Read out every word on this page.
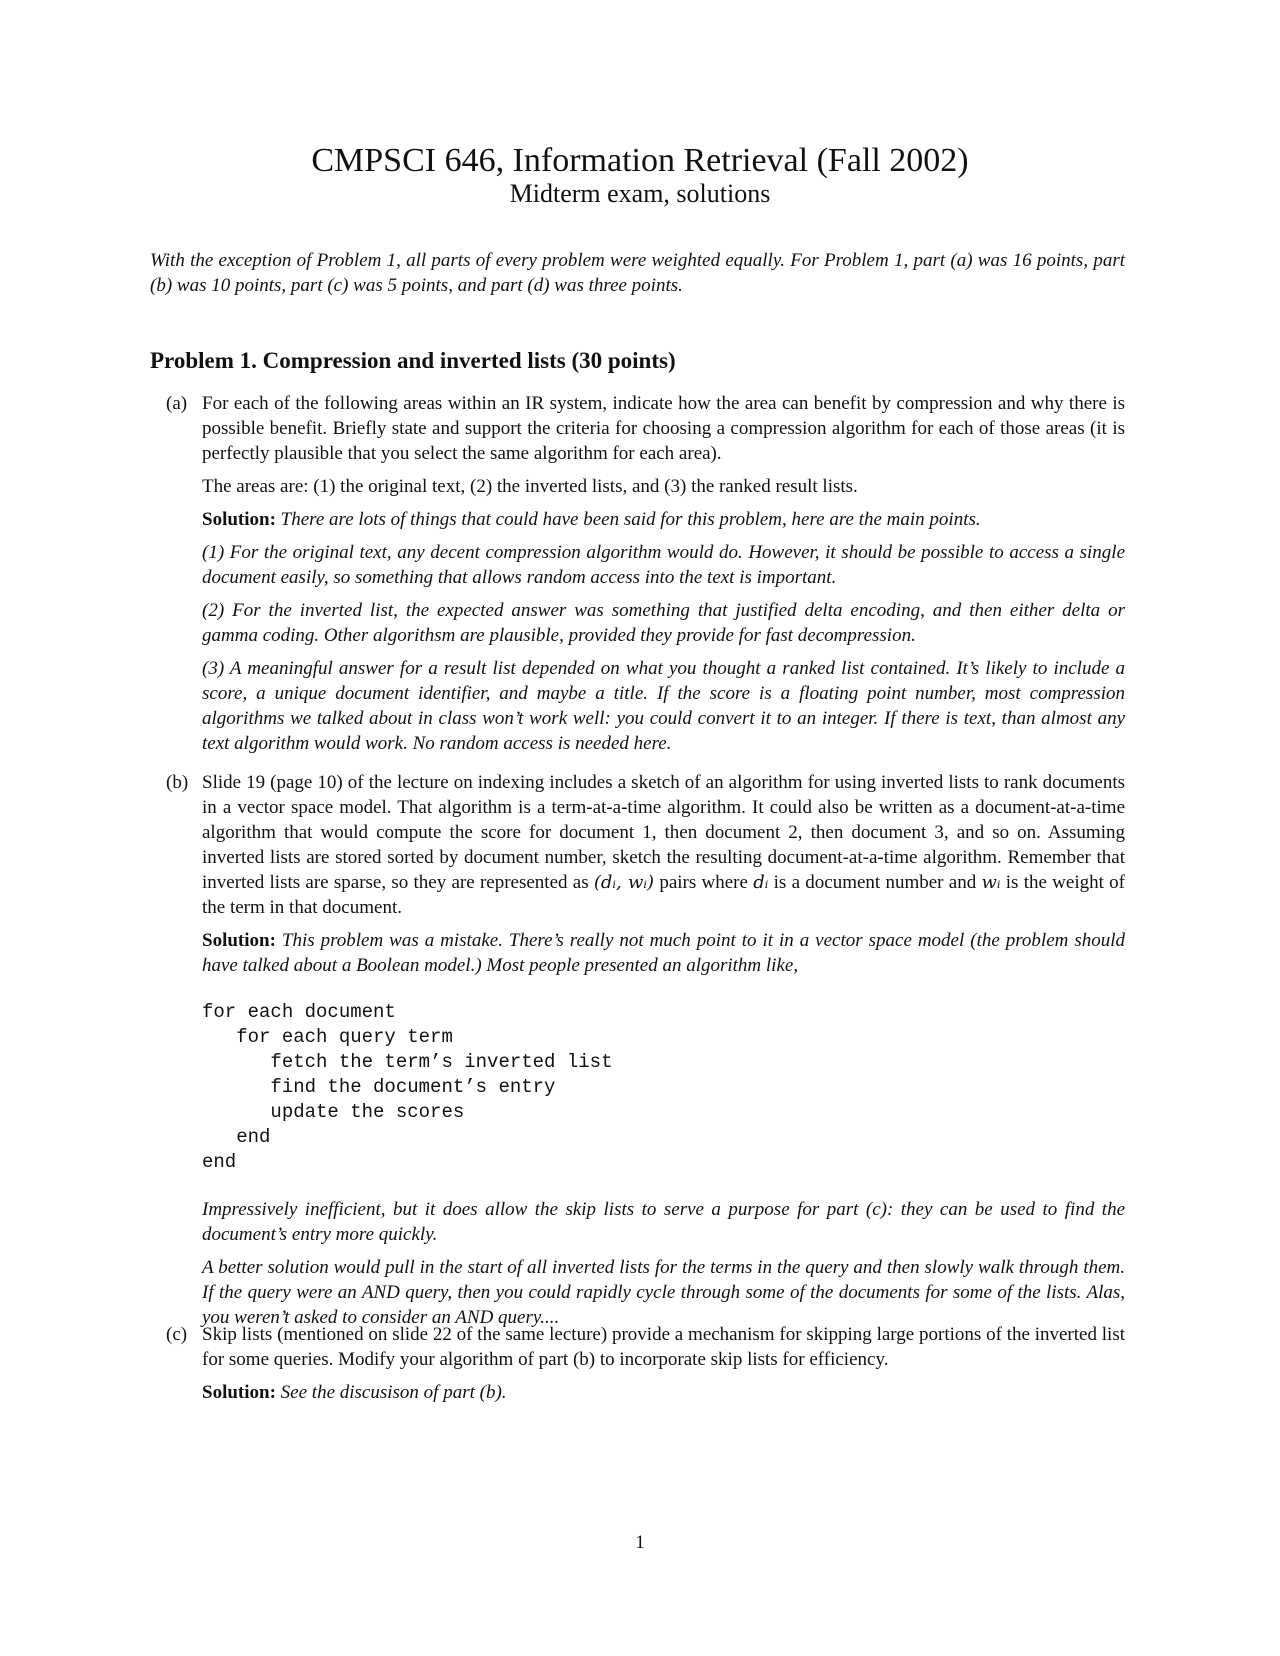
CMPSCI 646, Information Retrieval (Fall 2002)
Midterm exam, solutions
With the exception of Problem 1, all parts of every problem were weighted equally. For Problem 1, part (a) was 16 points, part (b) was 10 points, part (c) was 5 points, and part (d) was three points.
Problem 1. Compression and inverted lists (30 points)
(a) For each of the following areas within an IR system, indicate how the area can benefit by compression and why there is possible benefit. Briefly state and support the criteria for choosing a compression algorithm for each of those areas (it is perfectly plausible that you select the same algorithm for each area).

The areas are: (1) the original text, (2) the inverted lists, and (3) the ranked result lists.

Solution: There are lots of things that could have been said for this problem, here are the main points.

(1) For the original text, any decent compression algorithm would do. However, it should be possible to access a single document easily, so something that allows random access into the text is important.

(2) For the inverted list, the expected answer was something that justified delta encoding, and then either delta or gamma coding. Other algorithsm are plausible, provided they provide for fast decompression.

(3) A meaningful answer for a result list depended on what you thought a ranked list contained. It’s likely to include a score, a unique document identifier, and maybe a title. If the score is a floating point number, most compression algorithms we talked about in class won’t work well: you could convert it to an integer. If there is text, than almost any text algorithm would work. No random access is needed here.

(b) Slide 19 (page 10) of the lecture on indexing includes a sketch of an algorithm for using inverted lists to rank documents in a vector space model. That algorithm is a term-at-a-time algorithm. It could also be written as a document-at-a-time algorithm that would compute the score for document 1, then document 2, then document 3, and so on. Assuming inverted lists are stored sorted by document number, sketch the resulting document-at-a-time algorithm. Remember that inverted lists are sparse, so they are represented as (dᵢ, wᵢ) pairs where dᵢ is a document number and wᵢ is the weight of the term in that document.

Solution: This problem was a mistake. There’s really not much point to it in a vector space model (the problem should have talked about a Boolean model.) Most people presented an algorithm like,

for each document
for each query term
fetch the term’s inverted list
find the document’s entry
update the scores
end
end

Impressively inefficient, but it does allow the skip lists to serve a purpose for part (c): they can be used to find the document’s entry more quickly.

A better solution would pull in the start of all inverted lists for the terms in the query and then slowly walk through them. If the query were an AND query, then you could rapidly cycle through some of the documents for some of the lists. Alas, you weren’t asked to consider an AND query....

(c) Skip lists (mentioned on slide 22 of the same lecture) provide a mechanism for skipping large portions of the inverted list for some queries. Modify your algorithm of part (b) to incorporate skip lists for efficiency.

Solution: See the discusison of part (b).

1
